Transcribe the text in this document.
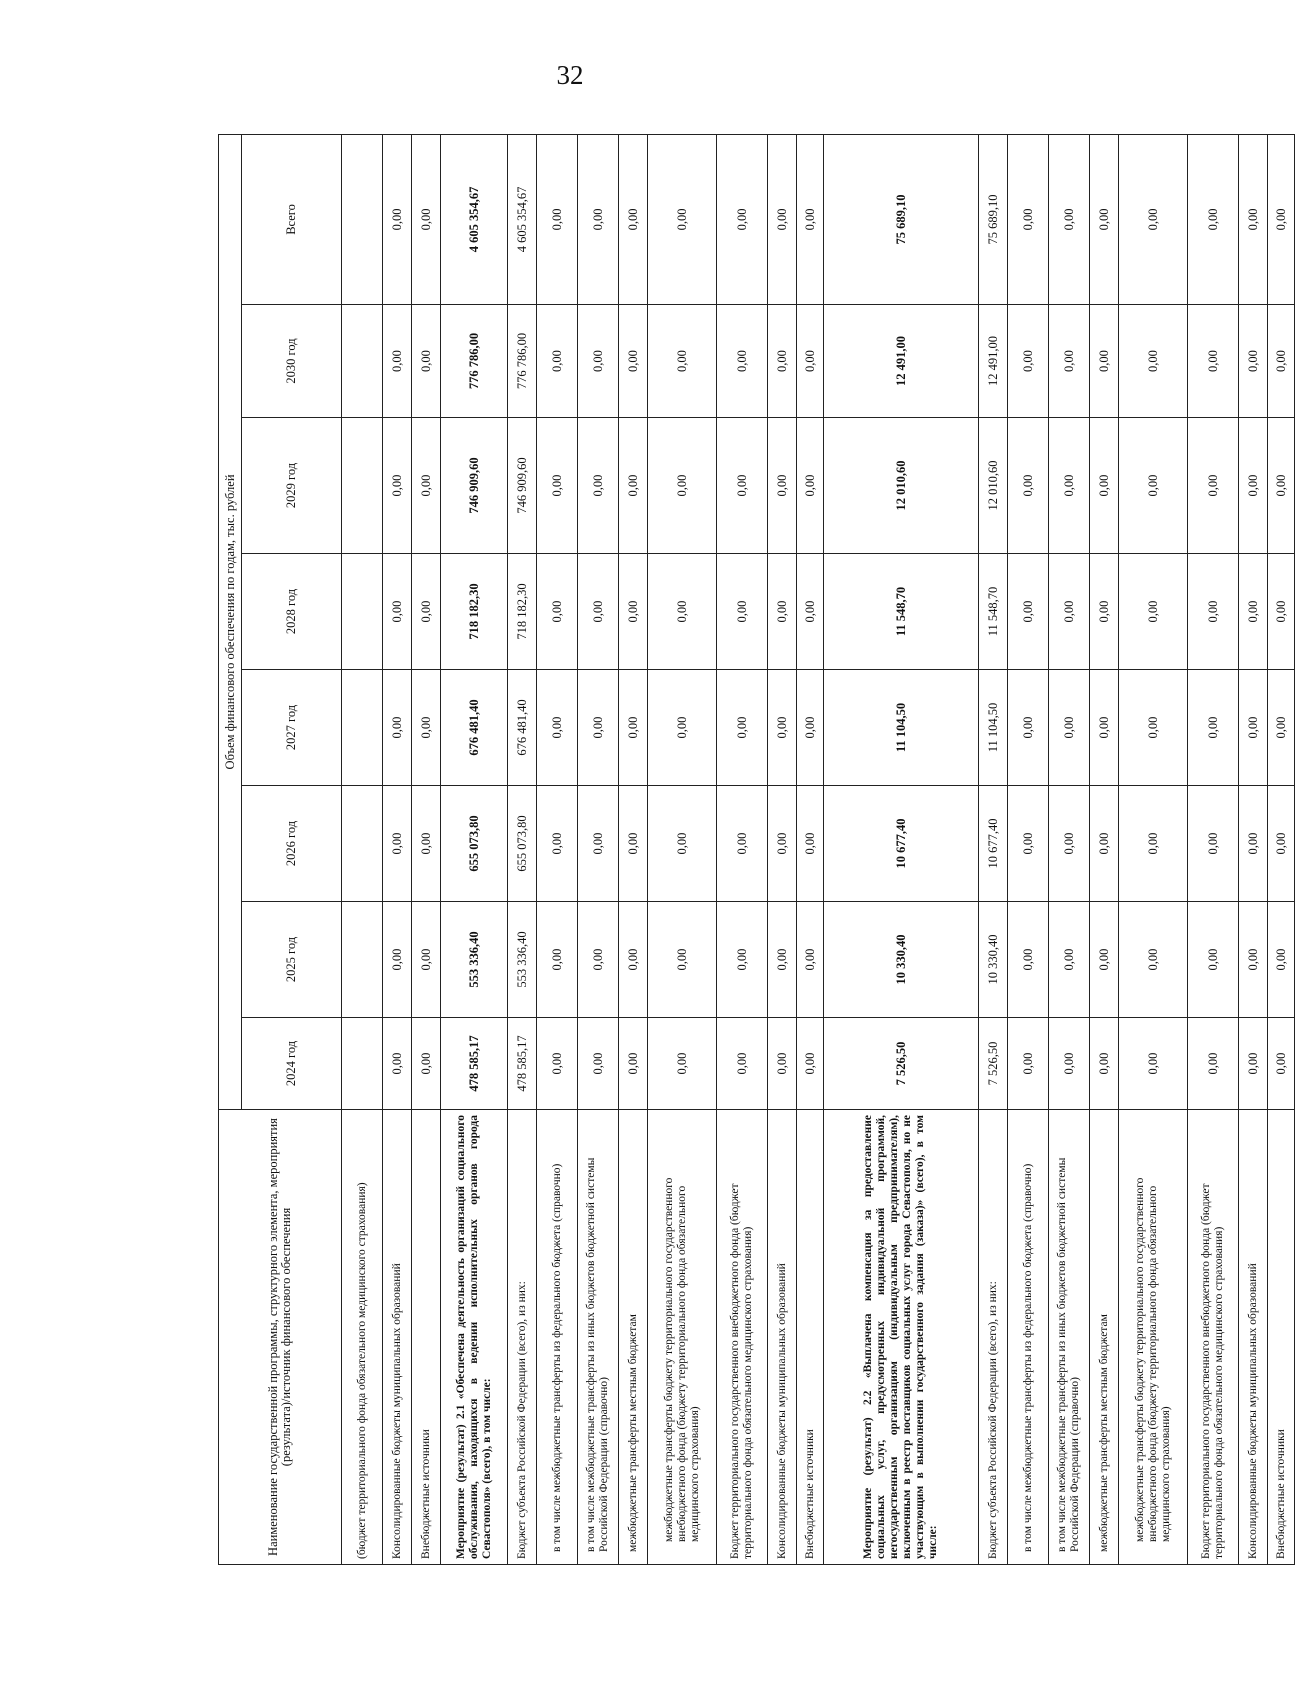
32
Наименование государственной программы, структурного элемента, мероприятия (результата)/источник финансового обеспечения	Объем финансового обеспечения по годам, тыс. рублей							
	2024 год	2025 год	2026 год	2027 год	2028 год	2029 год	2030 год	Всего
(бюджет территориального фонда обязательного медицинского страхования)								
Консолидированные бюджеты муниципальных образований	0,00	0,00	0,00	0,00	0,00	0,00	0,00	0,00
Внебюджетные источники	0,00	0,00	0,00	0,00	0,00	0,00	0,00	0,00
Мероприятие (результат) 2.1 «Обеспечена деятельность организаций социального обслуживания, находящихся в ведении исполнительных органов города Севастополя» (всего), в том числе:	478 585,17	553 336,40	655 073,80	676 481,40	718 182,30	746 909,60	776 786,00	4 605 354,67
Бюджет субъекта Российской Федерации (всего), из них:	478 585,17	553 336,40	655 073,80	676 481,40	718 182,30	746 909,60	776 786,00	4 605 354,67
в том числе межбюджетные трансферты из федерального бюджета (справочно)	0,00	0,00	0,00	0,00	0,00	0,00	0,00	0,00
в том числе межбюджетные трансферты из иных бюджетов бюджетной системы Российской Федерации (справочно)	0,00	0,00	0,00	0,00	0,00	0,00	0,00	0,00
межбюджетные трансферты местным бюджетам	0,00	0,00	0,00	0,00	0,00	0,00	0,00	0,00
межбюджетные трансферты бюджету территориального государственного внебюджетного фонда (бюджету территориального фонда обязательного медицинского страхования)	0,00	0,00	0,00	0,00	0,00	0,00	0,00	0,00
Бюджет территориального государственного внебюджетного фонда (бюджет территориального фонда обязательного медицинского страхования)	0,00	0,00	0,00	0,00	0,00	0,00	0,00	0,00
Консолидированные бюджеты муниципальных образований	0,00	0,00	0,00	0,00	0,00	0,00	0,00	0,00
Внебюджетные источники	0,00	0,00	0,00	0,00	0,00	0,00	0,00	0,00
Мероприятие (результат) 2.2 «Выплачена компенсация за предоставление социальных услуг, предусмотренных индивидуальной программой, негосударственным организациям (индивидуальным предпринимателям), включенным в реестр поставщиков социальных услуг города Севастополя, но не участвующим в выполнении государственного задания (заказа)» (всего), в том числе:	7 526,50	10 330,40	10 677,40	11 104,50	11 548,70	12 010,60	12 491,00	75 689,10
Бюджет субъекта Российской Федерации (всего), из них:	7 526,50	10 330,40	10 677,40	11 104,50	11 548,70	12 010,60	12 491,00	75 689,10
в том числе межбюджетные трансферты из федерального бюджета (справочно)	0,00	0,00	0,00	0,00	0,00	0,00	0,00	0,00
в том числе межбюджетные трансферты из иных бюджетов бюджетной системы Российской Федерации (справочно)	0,00	0,00	0,00	0,00	0,00	0,00	0,00	0,00
межбюджетные трансферты местным бюджетам	0,00	0,00	0,00	0,00	0,00	0,00	0,00	0,00
межбюджетные трансферты бюджету территориального государственного внебюджетного фонда (бюджету территориального фонда обязательного медицинского страхования)	0,00	0,00	0,00	0,00	0,00	0,00	0,00	0,00
Бюджет территориального государственного внебюджетного фонда (бюджет территориального фонда обязательного медицинского страхования)	0,00	0,00	0,00	0,00	0,00	0,00	0,00	0,00
Консолидированные бюджеты муниципальных образований	0,00	0,00	0,00	0,00	0,00	0,00	0,00	0,00
Внебюджетные источники	0,00	0,00	0,00	0,00	0,00	0,00	0,00	0,00
